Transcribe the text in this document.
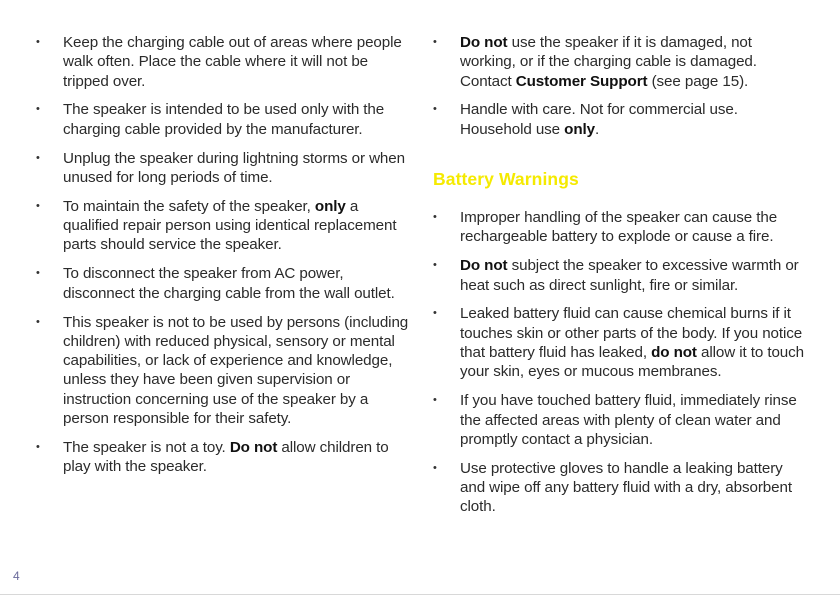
• Keep the charging cable out of areas where people walk often. Place the cable where it will not be tripped over.
• The speaker is intended to be used only with the charging cable provided by the manufacturer.
• Unplug the speaker during lightning storms or when unused for long periods of time.
• To maintain the safety of the speaker, only a qualified repair person using identical replacement parts should service the speaker.
• To disconnect the speaker from AC power, disconnect the charging cable from the wall outlet.
• This speaker is not to be used by persons (including children) with reduced physical, sensory or mental capabilities, or lack of experience and knowledge, unless they have been given supervision or instruction concerning use of the speaker by a person responsible for their safety.
• The speaker is not a toy. Do not allow children to play with the speaker.
• Do not use the speaker if it is damaged, not working, or if the charging cable is damaged. Contact Customer Support (see page 15).
• Handle with care. Not for commercial use. Household use only.
Battery Warnings
• Improper handling of the speaker can cause the rechargeable battery to explode or cause a fire.
• Do not subject the speaker to excessive warmth or heat such as direct sunlight, fire or similar.
• Leaked battery fluid can cause chemical burns if it touches skin or other parts of the body. If you notice that battery fluid has leaked, do not allow it to touch your skin, eyes or mucous membranes.
• If you have touched battery fluid, immediately rinse the affected areas with plenty of clean water and promptly contact a physician.
• Use protective gloves to handle a leaking battery and wipe off any battery fluid with a dry, absorbent cloth.
4
